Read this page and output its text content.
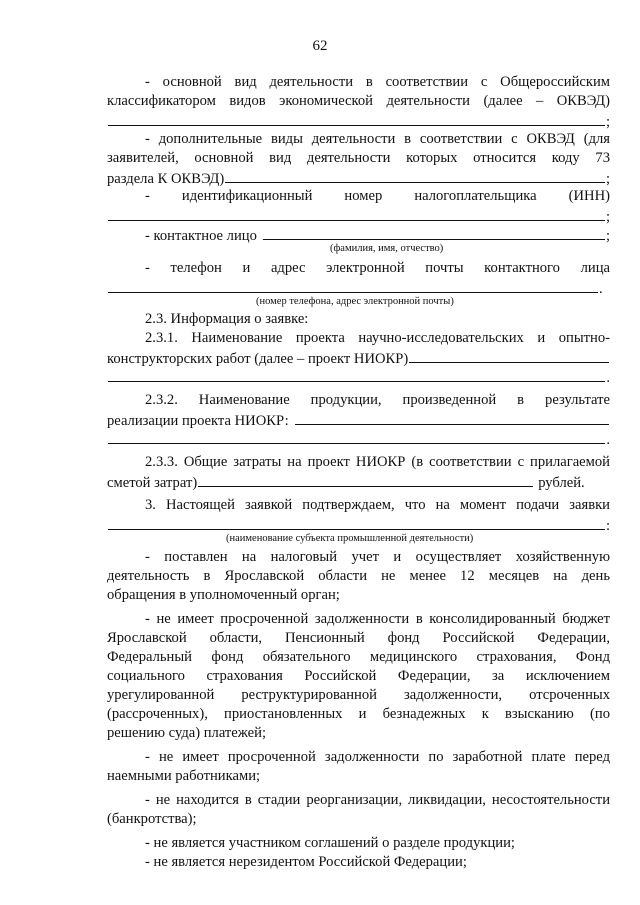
62
- основной вид деятельности в соответствии с Общероссийским
классификатором видов экономической деятельности (далее – ОКВЭД)
;
- дополнительные виды деятельности в соответствии с ОКВЭД (для
заявителей, основной вид деятельности которых относится коду 73
раздела К ОКВЭД)	;
- идентификационный номер налогоплательщика (ИНН)
;
- контактное лицо	;
(фамилия, имя, отчество)
- телефон и адрес электронной почты контактного лица
.
(номер телефона, адрес электронной почты)
2.3. Информация о заявке:
2.3.1. Наименование проекта научно-исследовательских и опытно-
конструкторских работ (далее – проект НИОКР)
.
2.3.2. Наименование продукции, произведенной в результате
реализации проекта НИОКР:
.
2.3.3. Общие затраты на проект НИОКР (в соответствии с прилагаемой
сметой затрат)	рублей.
3. Настоящей заявкой подтверждаем, что на момент подачи заявки
:
(наименование субъекта промышленной деятельности)
- поставлен на налоговый учет и осуществляет хозяйственную
деятельность в Ярославской области не менее 12 месяцев на день
обращения в уполномоченный орган;
- не имеет просроченной задолженности в консолидированный бюджет
Ярославской области, Пенсионный фонд Российской Федерации,
Федеральный фонд обязательного медицинского страхования, Фонд
социального страхования Российской Федерации, за исключением
урегулированной реструктурированной задолженности, отсроченных
(рассроченных), приостановленных и безнадежных к взысканию (по
решению суда) платежей;
- не имеет просроченной задолженности по заработной плате перед
наемными работниками;
- не находится в стадии реорганизации, ликвидации, несостоятельности
(банкротства);
- не является участником соглашений о разделе продукции;
- не является нерезидентом Российской Федерации;
